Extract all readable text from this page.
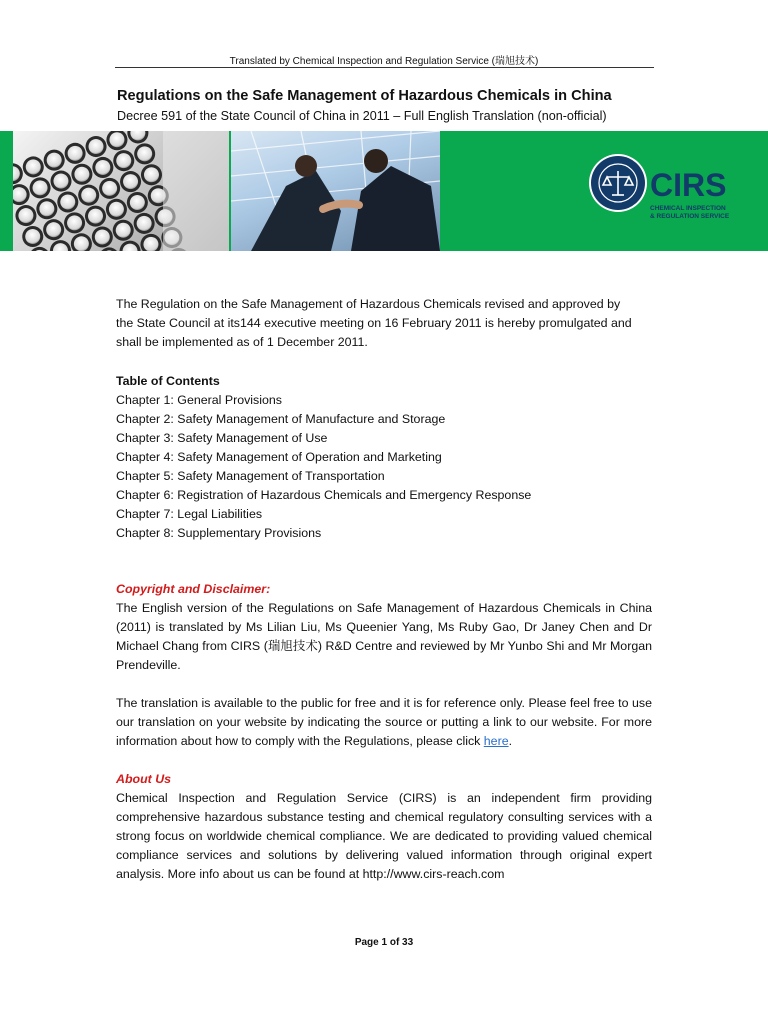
Translated by Chemical Inspection and Regulation Service (瑞旭技术)
Regulations on the Safe Management of Hazardous Chemicals in China
Decree 591 of the State Council of China in 2011 – Full English Translation (non-official)
CIRS
CHEMICAL INSPECTION
& REGULATION SERVICE
The Regulation on the Safe Management of Hazardous Chemicals revised and approved by
the State Council at its144 executive meeting on 16 February 2011 is hereby promulgated and
shall be implemented as of 1 December 2011.
Table of Contents
Chapter 1: General Provisions
Chapter 2: Safety Management of Manufacture and Storage
Chapter 3: Safety Management of Use
Chapter 4: Safety Management of Operation and Marketing
Chapter 5: Safety Management of Transportation
Chapter 6: Registration of Hazardous Chemicals and Emergency Response
Chapter 7: Legal Liabilities
Chapter 8: Supplementary Provisions
Copyright and Disclaimer:
The English version of the Regulations on Safe Management of Hazardous Chemicals in China (2011) is translated by Ms Lilian Liu, Ms Queenier Yang, Ms Ruby Gao, Dr Janey Chen and Dr Michael Chang from CIRS (瑞旭技术) R&D Centre and reviewed by Mr Yunbo Shi and Mr Morgan Prendeville.
The translation is available to the public for free and it is for reference only. Please feel free to use our translation on your website by indicating the source or putting a link to our website. For more information about how to comply with the Regulations, please click here.
About Us
Chemical Inspection and Regulation Service (CIRS) is an independent firm providing comprehensive hazardous substance testing and chemical regulatory consulting services with a strong focus on worldwide chemical compliance. We are dedicated to providing valued chemical compliance services and solutions by delivering valued information through original expert analysis. More info about us can be found at http://www.cirs-reach.com
Page 1 of 33
